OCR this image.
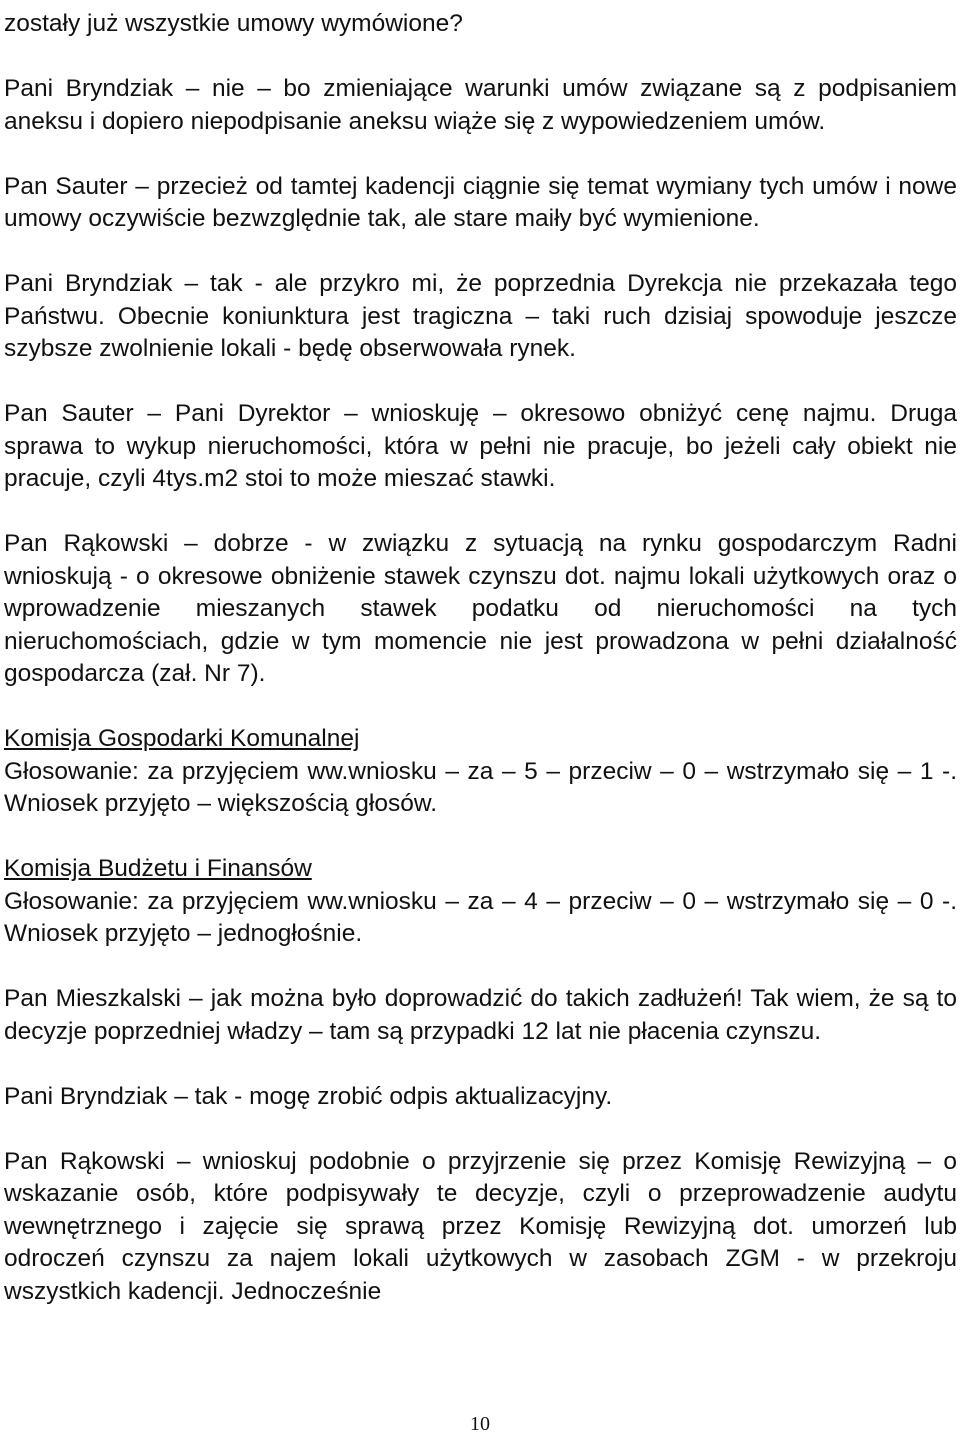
zostały już wszystkie umowy wymówione?

Pani Bryndziak – nie – bo zmieniające warunki umów związane są z podpisaniem aneksu i dopiero niepodpisanie aneksu wiąże się z wypowiedzeniem umów.

Pan Sauter – przecież od tamtej kadencji ciągnie się temat wymiany tych umów i nowe umowy oczywiście bezwzględnie tak, ale stare maiły być wymienione.

Pani Bryndziak – tak - ale przykro mi, że poprzednia Dyrekcja nie przekazała tego Państwu. Obecnie koniunktura jest tragiczna – taki ruch dzisiaj spowoduje jeszcze szybsze zwolnienie lokali - będę obserwowała rynek.

Pan Sauter – Pani Dyrektor – wnioskuję – okresowo obniżyć cenę najmu. Druga sprawa to wykup nieruchomości, która w pełni nie pracuje, bo jeżeli cały obiekt nie pracuje, czyli 4tys.m2 stoi to może mieszać stawki.

Pan Rąkowski – dobrze - w związku z sytuacją na rynku gospodarczym Radni wnioskują - o okresowe obniżenie stawek czynszu dot. najmu lokali użytkowych oraz o wprowadzenie mieszanych stawek podatku od nieruchomości na tych nieruchomościach, gdzie w tym momencie nie jest prowadzona w pełni działalność gospodarcza (zał. Nr 7).

Komisja Gospodarki Komunalnej

Głosowanie: za przyjęciem ww.wniosku – za – 5 – przeciw – 0 – wstrzymało się – 1 -. Wniosek przyjęto – większością głosów.

Komisja Budżetu i Finansów

Głosowanie: za przyjęciem ww.wniosku – za – 4 – przeciw – 0 – wstrzymało się – 0 -. Wniosek przyjęto – jednogłośnie.

Pan Mieszkalski – jak można było doprowadzić do takich zadłużeń! Tak wiem, że są to decyzje poprzedniej władzy – tam są przypadki 12 lat nie płacenia czynszu.

Pani Bryndziak – tak - mogę zrobić odpis aktualizacyjny.

Pan Rąkowski – wnioskuj podobnie o przyjrzenie się przez Komisję Rewizyjną – o wskazanie osób, które podpisywały te decyzje, czyli o przeprowadzenie audytu wewnętrznego i zajęcie się sprawą przez Komisję Rewizyjną dot. umorzeń lub odroczeń czynszu za najem lokali użytkowych w zasobach ZGM - w przekroju wszystkich kadencji. Jednocześnie

10
